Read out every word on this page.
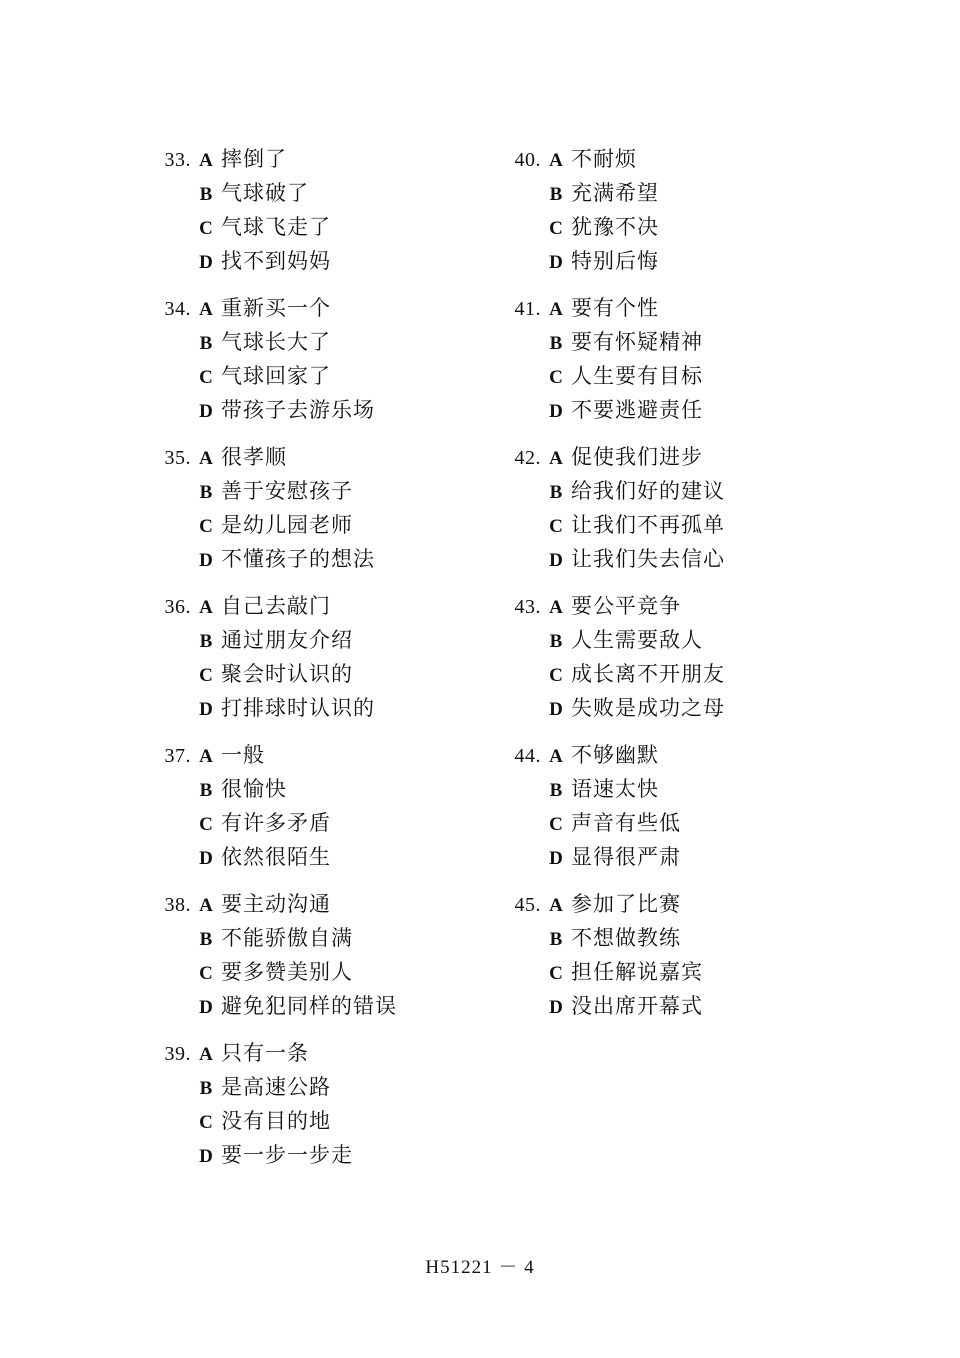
33. A 摔倒了
B 气球破了
C 气球飞走了
D 找不到妈妈
34. A 重新买一个
B 气球长大了
C 气球回家了
D 带孩子去游乐场
35. A 很孝顺
B 善于安慰孩子
C 是幼儿园老师
D 不懂孩子的想法
36. A 自己去敲门
B 通过朋友介绍
C 聚会时认识的
D 打排球时认识的
37. A 一般
B 很愉快
C 有许多矛盾
D 依然很陌生
38. A 要主动沟通
B 不能骄傲自满
C 要多赞美别人
D 避免犯同样的错误
39. A 只有一条
B 是高速公路
C 没有目的地
D 要一步一步走
40. A 不耐烦
B 充满希望
C 犹豫不决
D 特别后悔
41. A 要有个性
B 要有怀疑精神
C 人生要有目标
D 不要逃避责任
42. A 促使我们进步
B 给我们好的建议
C 让我们不再孤单
D 让我们失去信心
43. A 要公平竞争
B 人生需要敌人
C 成长离不开朋友
D 失败是成功之母
44. A 不够幽默
B 语速太快
C 声音有些低
D 显得很严肃
45. A 参加了比赛
B 不想做教练
C 担任解说嘉宾
D 没出席开幕式
H51221 － 4
